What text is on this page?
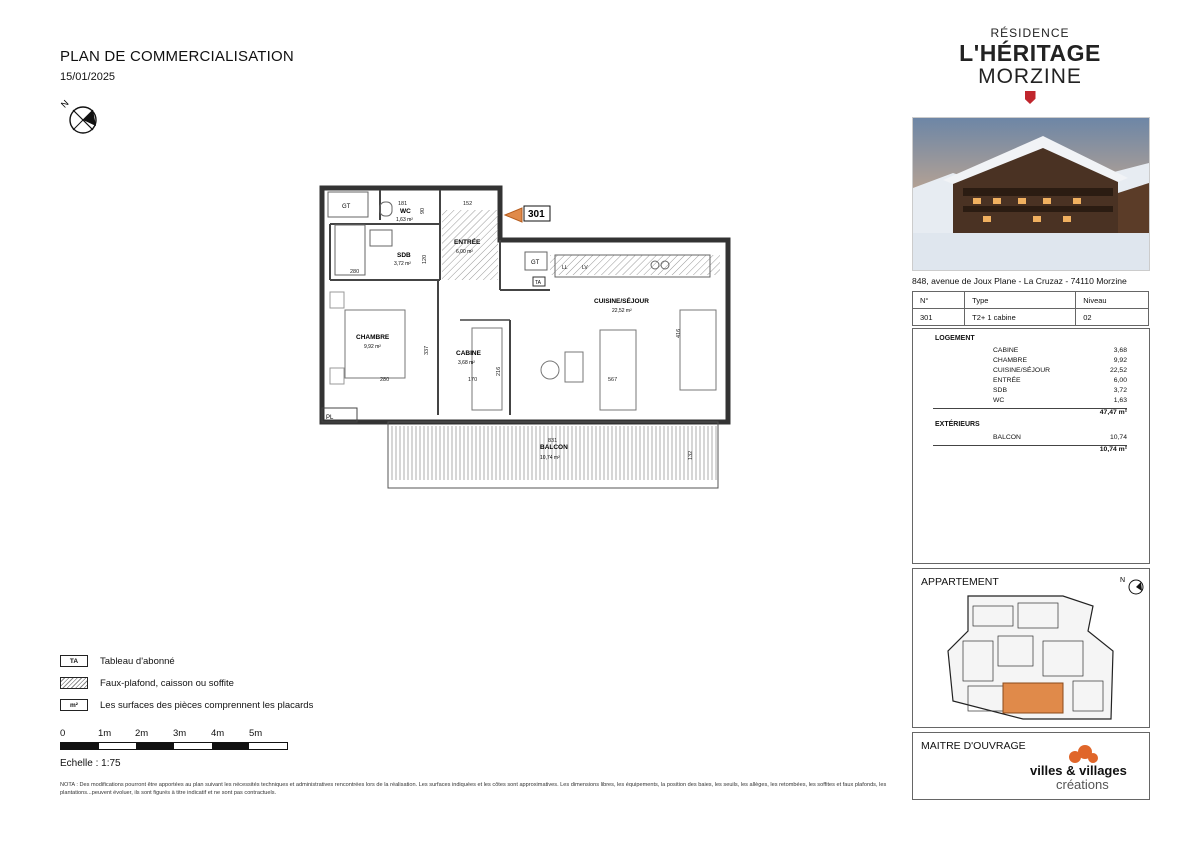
PLAN DE COMMERCIALISATION
15/01/2025
N
GT
GT
TA
LL	LV
PL
301
WC
1,63 m²
SDB
3,72 m²
ENTRÉE
6,00 m²
CUISINE/SÉJOUR
22,52 m²
CHAMBRE
9,92 m²
CABINE
3,68 m²
BALCON
10,74 m²
181
90
152
120
280
280
337
170
216
567
416
831
132
TA	Tableau d'abonné
Faux-plafond, caisson ou soffite
m²	Les surfaces des pièces comprennent les placards
0	1m	2m	3m	4m	5m
Echelle : 1:75
NOTA : Des modifications pourront être apportées au plan suivant les nécessités techniques et administratives rencontrées lors de la réalisation. Les surfaces indiquées et les côtes sont approximatives. Les dimensions libres, les équipements, la position des baies, les seuils, les allèges, les retombées, les soffites et faux plafonds, les plantations...peuvent évoluer, ils sont figurés à titre indicatif et ne sont pas contractuels.
RÉSIDENCE
L'HÉRITAGE
MORZINE
848, avenue de Joux Plane - La Cruzaz - 74110 Morzine
N°	Type	Niveau
301	T2+ 1 cabine	02
LOGEMENT
CABINE	3,68
CHAMBRE	9,92
CUISINE/SÉJOUR	22,52
ENTRÉE	6,00
SDB	3,72
WC	1,63
47,47 m²
EXTÉRIEURS
BALCON	10,74
10,74 m²
APPARTEMENT	N
MAITRE D'OUVRAGE
villes & villages
créations
